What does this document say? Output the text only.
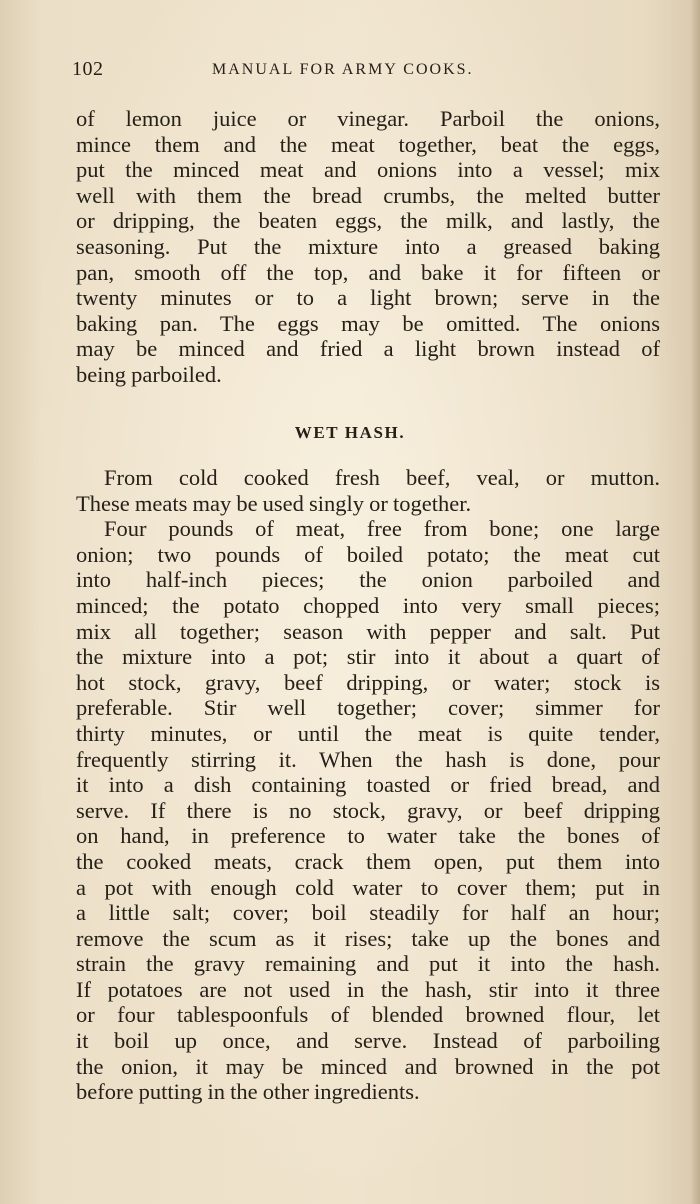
102	MANUAL FOR ARMY COOKS.
of lemon juice or vinegar. Parboil the onions,
mince them and the meat together, beat the eggs,
put the minced meat and onions into a vessel; mix
well with them the bread crumbs, the melted butter
or dripping, the beaten eggs, the milk, and lastly, the
seasoning. Put the mixture into a greased baking
pan, smooth off the top, and bake it for fifteen or
twenty minutes or to a light brown; serve in the
baking pan. The eggs may be omitted. The onions
may be minced and fried a light brown instead of
being parboiled.
WET HASH.
From cold cooked fresh beef, veal, or mutton.
These meats may be used singly or together.
Four pounds of meat, free from bone; one large
onion; two pounds of boiled potato; the meat cut
into half-inch pieces; the onion parboiled and
minced; the potato chopped into very small pieces;
mix all together; season with pepper and salt. Put
the mixture into a pot; stir into it about a quart of
hot stock, gravy, beef dripping, or water; stock is
preferable. Stir well together; cover; simmer for
thirty minutes, or until the meat is quite tender,
frequently stirring it. When the hash is done, pour
it into a dish containing toasted or fried bread, and
serve. If there is no stock, gravy, or beef dripping
on hand, in preference to water take the bones of
the cooked meats, crack them open, put them into
a pot with enough cold water to cover them; put in
a little salt; cover; boil steadily for half an hour;
remove the scum as it rises; take up the bones and
strain the gravy remaining and put it into the hash.
If potatoes are not used in the hash, stir into it three
or four tablespoonfuls of blended browned flour, let
it boil up once, and serve. Instead of parboiling
the onion, it may be minced and browned in the pot
before putting in the other ingredients.
